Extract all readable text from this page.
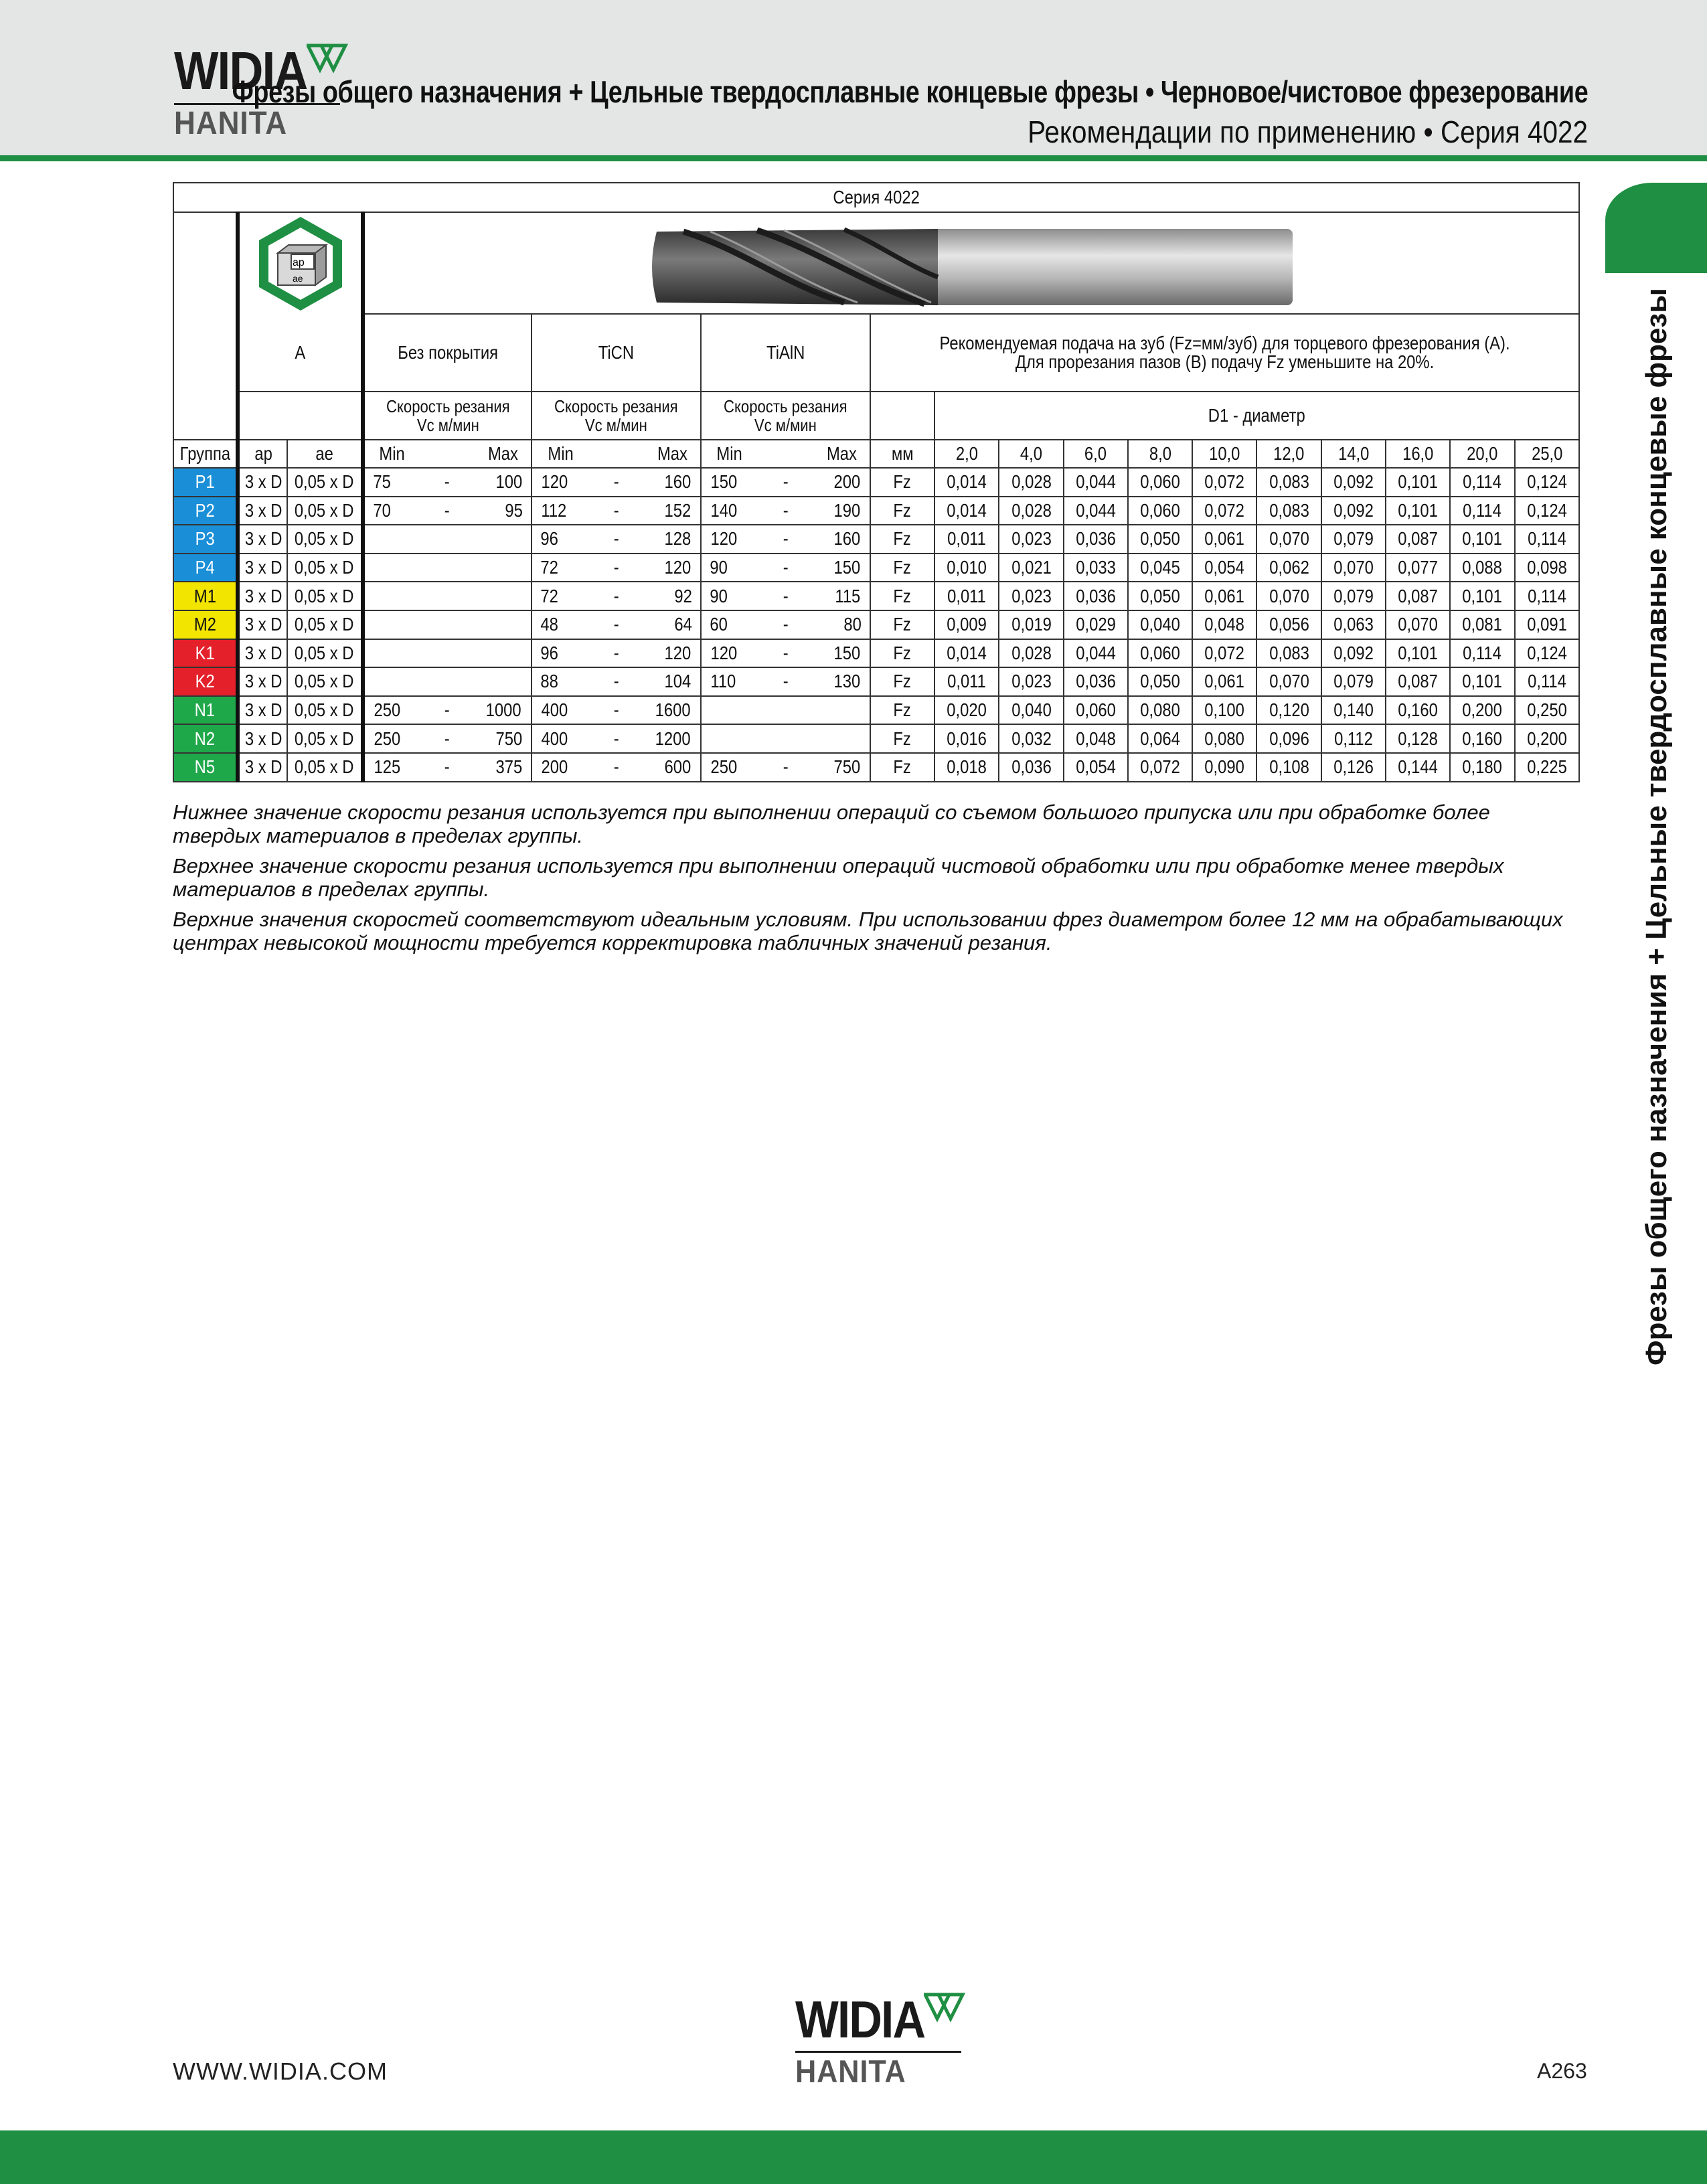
WIDIA
HANITA
Фрезы общего назначения + Цельные твердосплавные концевые фрезы • Черновое/чистовое фрезерование
Рекомендации по применению • Серия 4022
Фрезы общего назначения + Цельные твердосплавные концевые фрезы
Серия 4022																						

ap
ae

	A		Без покрытия			TiCN			TiAlN			Рекомендуемая подача на зуб (Fz=мм/зуб) для торцевого фрезерования (A).
Для прорезания пазов (B) подачу Fz уменьшите на 20%.										

			Скорость резания Vc м/мин			Скорость резания Vc м/мин			Скорость резания Vc м/мин				D1 - диаметр									
Группа	ap	ae	Min		Max	Min		Max	Min		Max	мм	2,0	4,0	6,0	8,0	10,0	12,0	14,0	16,0	20,0	25,0
P1	3 x D	0,05 x D	75	-	100	120	-	160	150	-	200	Fz	0,014	0,028	0,044	0,060	0,072	0,083	0,092	0,101	0,114	0,124
P2	3 x D	0,05 x D	70	-	95	112	-	152	140	-	190	Fz	0,014	0,028	0,044	0,060	0,072	0,083	0,092	0,101	0,114	0,124
P3	3 x D	0,05 x D				96	-	128	120	-	160	Fz	0,011	0,023	0,036	0,050	0,061	0,070	0,079	0,087	0,101	0,114
P4	3 x D	0,05 x D				72	-	120	90	-	150	Fz	0,010	0,021	0,033	0,045	0,054	0,062	0,070	0,077	0,088	0,098
M1	3 x D	0,05 x D				72	-	92	90	-	115	Fz	0,011	0,023	0,036	0,050	0,061	0,070	0,079	0,087	0,101	0,114
M2	3 x D	0,05 x D				48	-	64	60	-	80	Fz	0,009	0,019	0,029	0,040	0,048	0,056	0,063	0,070	0,081	0,091
K1	3 x D	0,05 x D				96	-	120	120	-	150	Fz	0,014	0,028	0,044	0,060	0,072	0,083	0,092	0,101	0,114	0,124
K2	3 x D	0,05 x D				88	-	104	110	-	130	Fz	0,011	0,023	0,036	0,050	0,061	0,070	0,079	0,087	0,101	0,114
N1	3 x D	0,05 x D	250	-	1000	400	-	1600				Fz	0,020	0,040	0,060	0,080	0,100	0,120	0,140	0,160	0,200	0,250
N2	3 x D	0,05 x D	250	-	750	400	-	1200				Fz	0,016	0,032	0,048	0,064	0,080	0,096	0,112	0,128	0,160	0,200
N5	3 x D	0,05 x D	125	-	375	200	-	600	250	-	750	Fz	0,018	0,036	0,054	0,072	0,090	0,108	0,126	0,144	0,180	0,225

Нижнее значение скорости резания используется при выполнении операций со съемом большого припуска или при обработке более твердых материалов в пределах группы.

Верхнее значение скорости резания используется при выполнении операций чистовой обработки или при обработке менее твердых материалов в пределах группы.

Верхние значения скоростей соответствуют идеальным условиям. При использовании фрез диаметром более 12 мм на обрабатывающих центрах невысокой мощности требуется корректировка табличных значений резания.

WIDIA
HANITA
WWW.WIDIA.COM	A263
